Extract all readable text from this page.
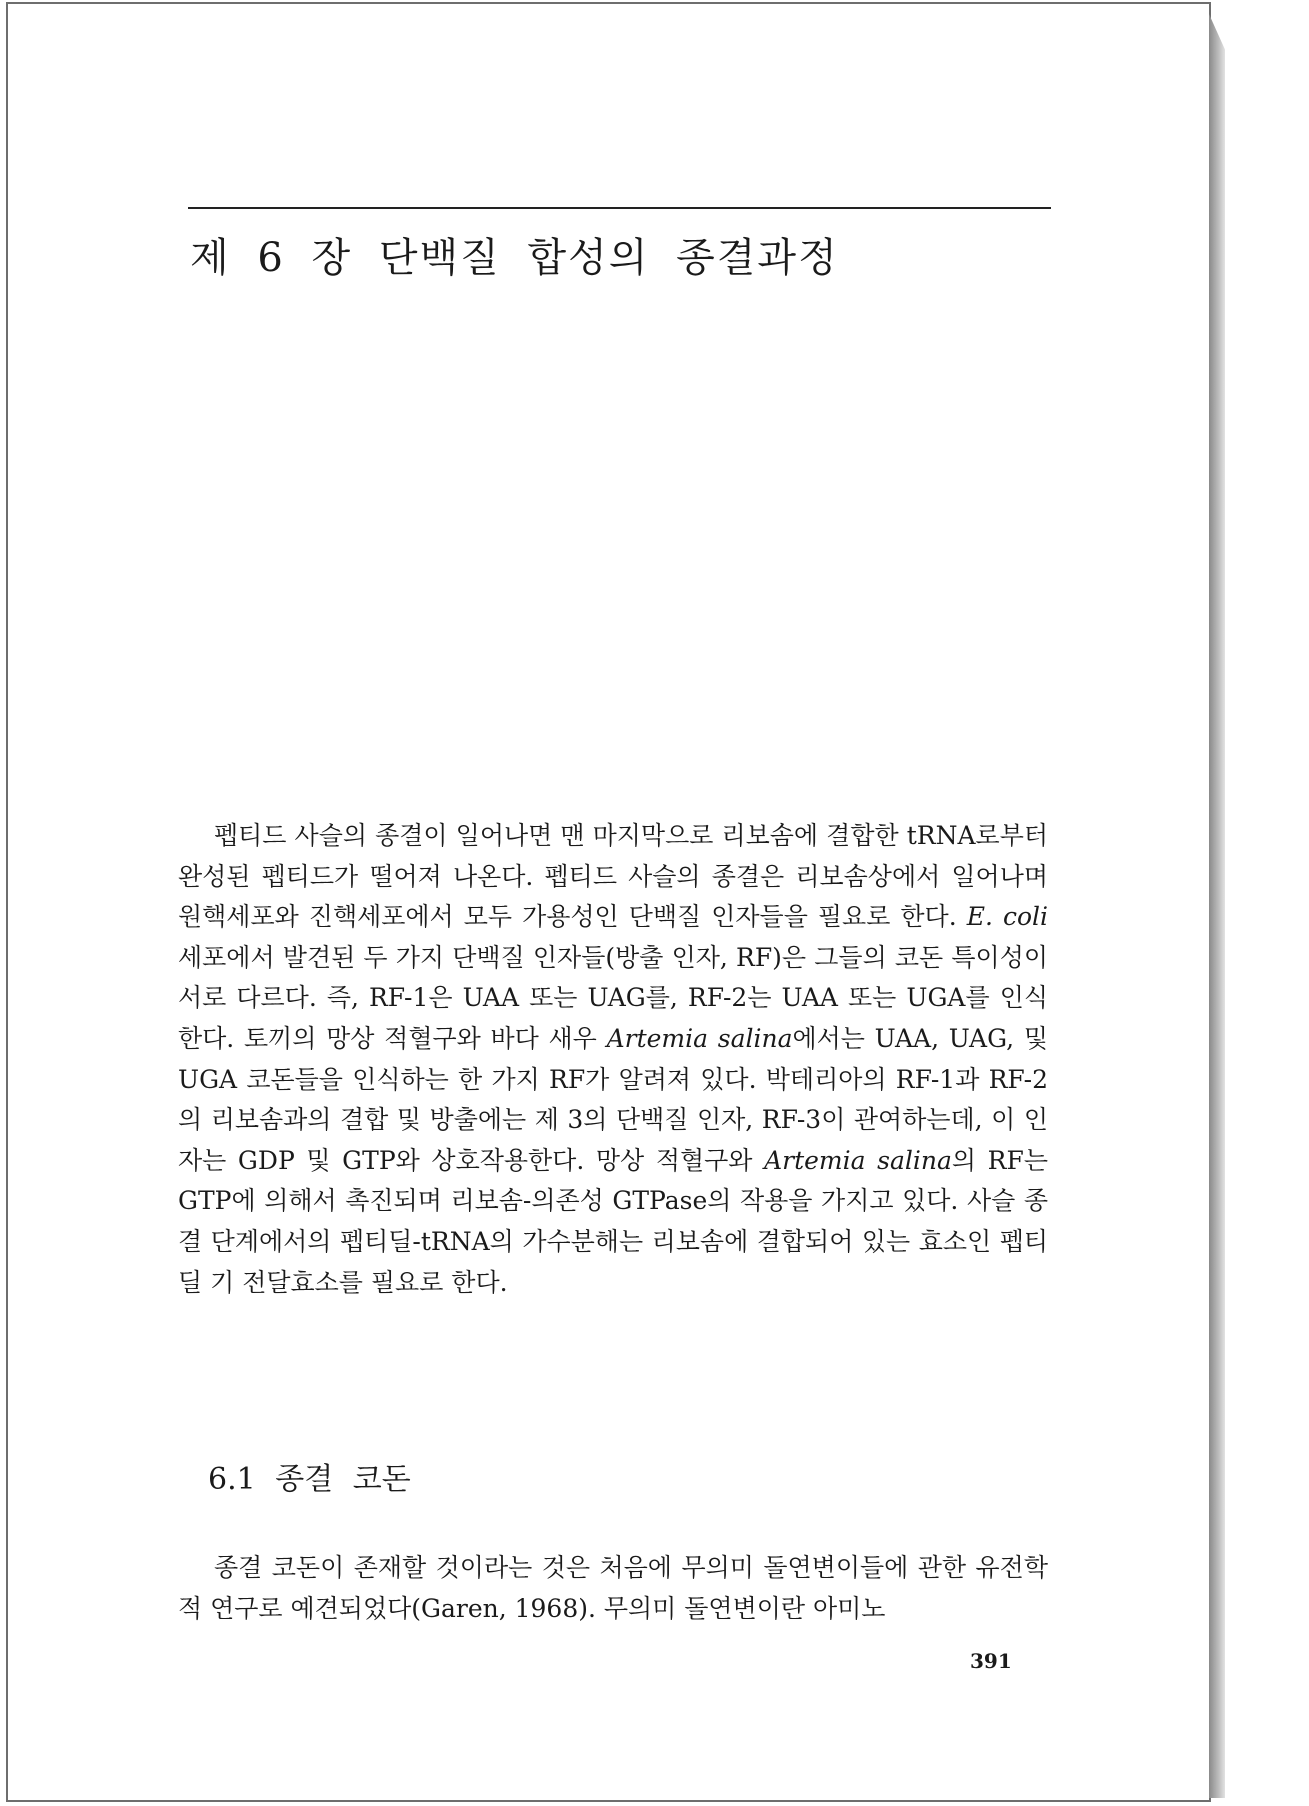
제 6 장 단백질 합성의 종결과정

펩티드 사슬의 종결이 일어나면 맨 마지막으로 리보솜에 결합한 tRNA로부터 완성된 펩티드가 떨어져 나온다. 펩티드 사슬의 종결은 리보솜상에서 일어나며 원핵세포와 진핵세포에서 모두 가용성인 단백질 인자들을 필요로 한다. E. coli 세포에서 발견된 두 가지 단백질 인자들(방출 인자, RF)은 그들의 코돈 특이성이 서로 다르다. 즉, RF-1은 UAA 또는 UAG를, RF-2는 UAA 또는 UGA를 인식한다. 토끼의 망상 적혈구와 바다 새우 Artemia salina에서는 UAA, UAG, 및 UGA 코돈들을 인식하는 한 가지 RF가 알려져 있다. 박테리아의 RF-1과 RF-2의 리보솜과의 결합 및 방출에는 제 3의 단백질 인자, RF-3이 관여하는데, 이 인자는 GDP 및 GTP와 상호작용한다. 망상 적혈구와 Artemia salina의 RF는 GTP에 의해서 촉진되며 리보솜-의존성 GTPase의 작용을 가지고 있다. 사슬 종결 단계에서의 펩티딜-tRNA의 가수분해는 리보솜에 결합되어 있는 효소인 펩티딜 기 전달효소를 필요로 한다.

6.1 종결 코돈

종결 코돈이 존재할 것이라는 것은 처음에 무의미 돌연변이들에 관한 유전학적 연구로 예견되었다(Garen, 1968). 무의미 돌연변이란 아미노

391
